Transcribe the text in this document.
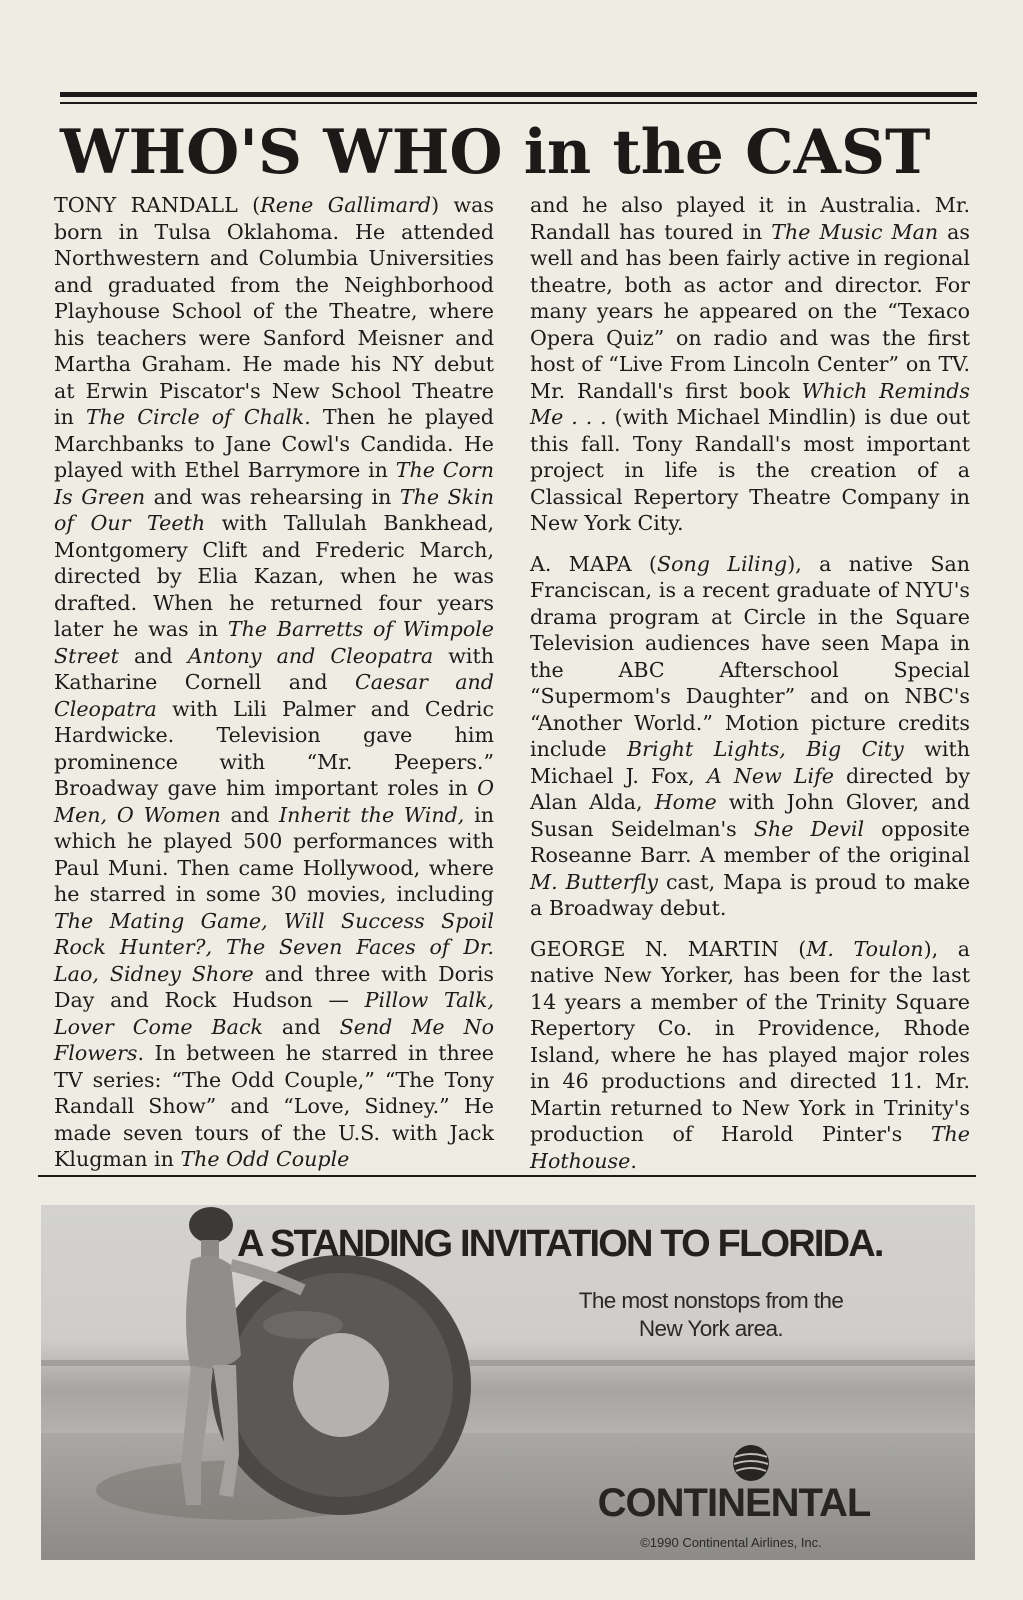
WHO'S WHO in the CAST

TONY RANDALL (Rene Gallimard) was born in Tulsa Oklahoma. He attended Northwestern and Columbia Universities and graduated from the Neighborhood Playhouse School of the Theatre, where his teachers were Sanford Meisner and Martha Graham. He made his NY debut at Erwin Piscator's New School Theatre in The Circle of Chalk. Then he played Marchbanks to Jane Cowl's Candida. He played with Ethel Barrymore in The Corn Is Green and was rehearsing in The Skin of Our Teeth with Tallulah Bankhead, Montgomery Clift and Frederic March, directed by Elia Kazan, when he was drafted. When he returned four years later he was in The Barretts of Wimpole Street and Antony and Cleopatra with Katharine Cornell and Caesar and Cleopatra with Lili Palmer and Cedric Hardwicke. Television gave him prominence with “Mr. Peepers.” Broadway gave him important roles in O Men, O Women and Inherit the Wind, in which he played 500 performances with Paul Muni. Then came Hollywood, where he starred in some 30 movies, including The Mating Game, Will Success Spoil Rock Hunter?, The Seven Faces of Dr. Lao, Sidney Shore and three with Doris Day and Rock Hudson — Pillow Talk, Lover Come Back and Send Me No Flowers. In between he starred in three TV series: “The Odd Couple,” “The Tony Randall Show” and “Love, Sidney.” He made seven tours of the U.S. with Jack Klugman in The Odd Couple

and he also played it in Australia. Mr. Randall has toured in The Music Man as well and has been fairly active in regional theatre, both as actor and director. For many years he appeared on the “Texaco Opera Quiz” on radio and was the first host of “Live From Lincoln Center” on TV. Mr. Randall's first book Which Reminds Me . . . (with Michael Mindlin) is due out this fall. Tony Randall's most important project in life is the creation of a Classical Repertory Theatre Company in New York City.

A. MAPA (Song Liling), a native San Franciscan, is a recent graduate of NYU's drama program at Circle in the Square Television audiences have seen Mapa in the ABC Afterschool Special “Supermom's Daughter” and on NBC's “Another World.” Motion picture credits include Bright Lights, Big City with Michael J. Fox, A New Life directed by Alan Alda, Home with John Glover, and Susan Seidelman's She Devil opposite Roseanne Barr. A member of the original M. Butterfly cast, Mapa is proud to make a Broadway debut.

GEORGE N. MARTIN (M. Toulon), a native New Yorker, has been for the last 14 years a member of the Trinity Square Repertory Co. in Providence, Rhode Island, where he has played major roles in 46 productions and directed 11. Mr. Martin returned to New York in Trinity's production of Harold Pinter's The Hothouse.

A STANDING INVITATION TO FLORIDA.
The most nonstops from the New York area.
CONTINENTAL
©1990 Continental Airlines, Inc.
